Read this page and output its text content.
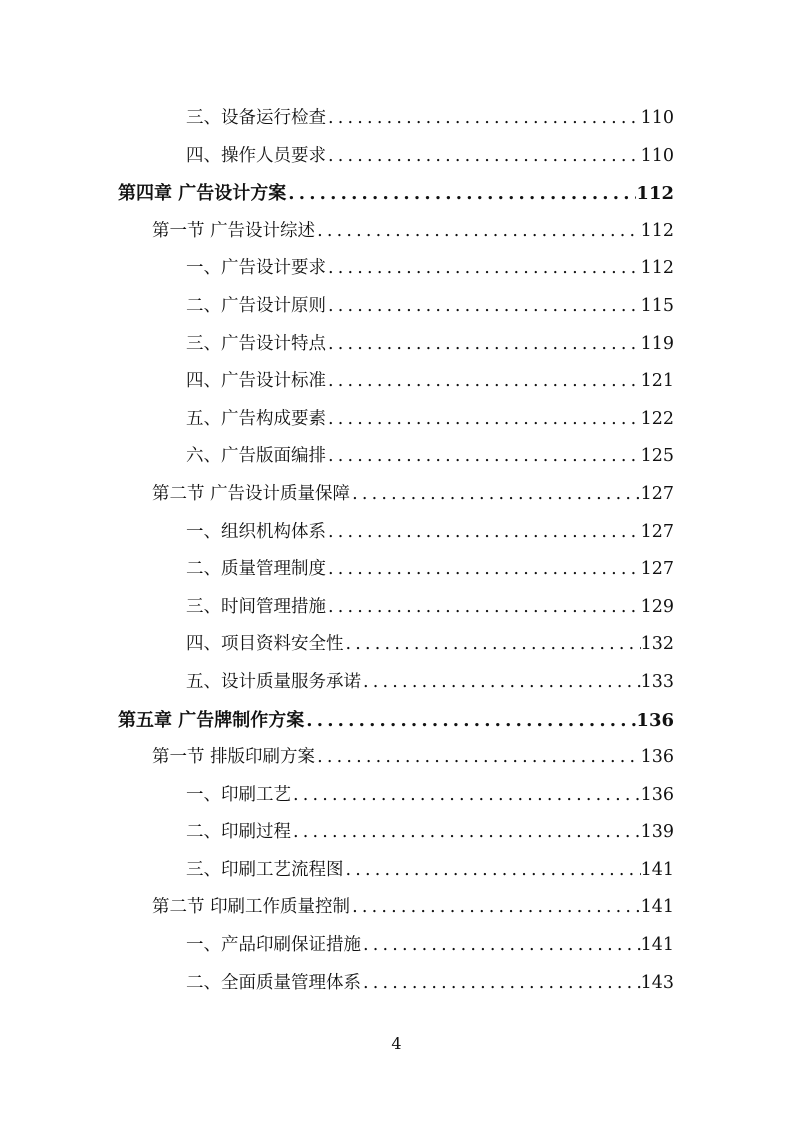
三、设备运行检查 .....	110
四、操作人员要求 .....	110
第四章 广告设计方案 .....	112
第一节 广告设计综述 .....	112
一、广告设计要求 .....	112
二、广告设计原则 .....	115
三、广告设计特点 .....	119
四、广告设计标准 .....	121
五、广告构成要素 .....	122
六、广告版面编排 .....	125
第二节 广告设计质量保障 .....	127
一、组织机构体系 .....	127
二、质量管理制度 .....	127
三、时间管理措施 .....	129
四、项目资料安全性 .....	132
五、设计质量服务承诺 .....	133
第五章 广告牌制作方案 .....	136
第一节 排版印刷方案 .....	136
一、印刷工艺 .....	136
二、印刷过程 .....	139
三、印刷工艺流程图 .....	141
第二节 印刷工作质量控制 .....	141
一、产品印刷保证措施 .....	141
二、全面质量管理体系 .....	143
4
